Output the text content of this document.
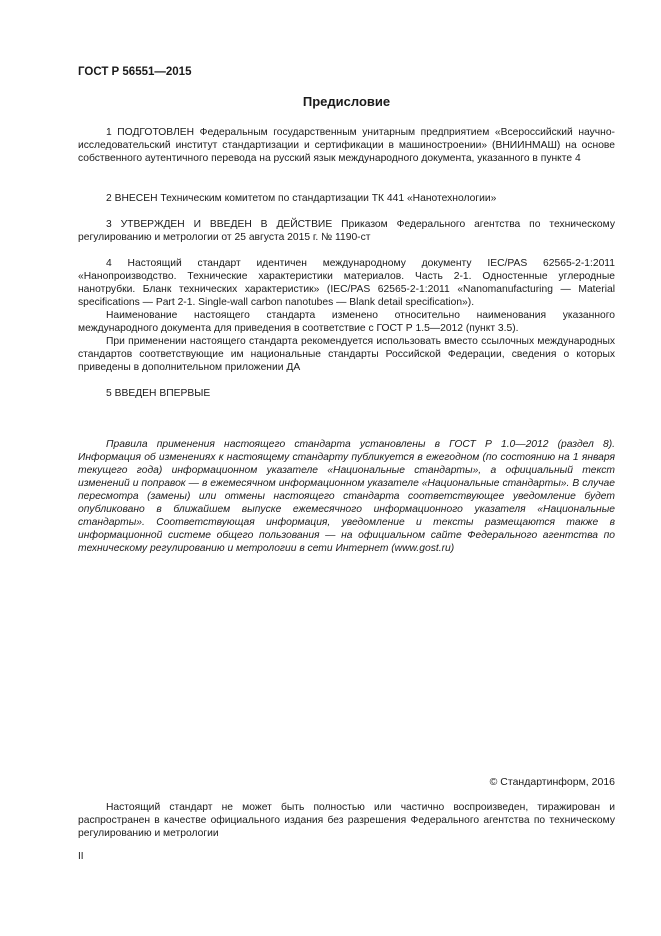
ГОСТ Р 56551—2015
Предисловие

1 ПОДГОТОВЛЕН Федеральным государственным унитарным предприятием «Всероссийский научно-исследовательский институт стандартизации и сертификации в машиностроении» (ВНИИНМАШ) на основе собственного аутентичного перевода на русский язык международного документа, указанного в пункте 4

2 ВНЕСЕН Техническим комитетом по стандартизации ТК 441 «Нанотехнологии»

3 УТВЕРЖДЕН И ВВЕДЕН В ДЕЙСТВИЕ Приказом Федерального агентства по техническому регулированию и метрологии от 25 августа 2015 г. № 1190-ст

4 Настоящий стандарт идентичен международному документу IEC/PAS 62565-2-1:2011 «Нанопроизводство. Технические характеристики материалов. Часть 2-1. Одностенные углеродные нанотрубки. Бланк технических характеристик» (IEC/PAS 62565-2-1:2011 «Nanomanufacturing — Material specifications — Part 2-1. Single-wall carbon nanotubes — Blank detail specification»).

Наименование настоящего стандарта изменено относительно наименования указанного международного документа для приведения в соответствие с ГОСТ Р 1.5—2012 (пункт 3.5).

При применении настоящего стандарта рекомендуется использовать вместо ссылочных международных стандартов соответствующие им национальные стандарты Российской Федерации, сведения о которых приведены в дополнительном приложении ДА

5 ВВЕДЕН ВПЕРВЫЕ

Правила применения настоящего стандарта установлены в ГОСТ Р 1.0—2012 (раздел 8). Информация об изменениях к настоящему стандарту публикуется в ежегодном (по состоянию на 1 января текущего года) информационном указателе «Национальные стандарты», а официальный текст изменений и поправок — в ежемесячном информационном указателе «Национальные стандарты». В случае пересмотра (замены) или отмены настоящего стандарта соответствующее уведомление будет опубликовано в ближайшем выпуске ежемесячного информационного указателя «Национальные стандарты». Соответствующая информация, уведомление и тексты размещаются также в информационной системе общего пользования — на официальном сайте Федерального агентства по техническому регулированию и метрологии в сети Интернет (www.gost.ru)

© Стандартинформ, 2016

Настоящий стандарт не может быть полностью или частично воспроизведен, тиражирован и распространен в качестве официального издания без разрешения Федерального агентства по техническому регулированию и метрологии

II
